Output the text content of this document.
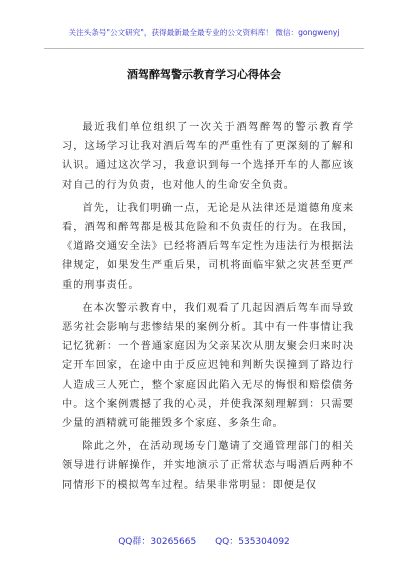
关注头条号"公文研究"，获得最新最全最专业的公文资料库！ 微信：gongwenyj
酒驾醉驾警示教育学习心得体会

最近我们单位组织了一次关于酒驾醉驾的警示教育学习，这场学习让我对酒后驾车的严重性有了更深刻的了解和认识。通过这次学习，我意识到每一个选择开车的人都应该对自己的行为负责，也对他人的生命安全负责。

首先，让我们明确一点，无论是从法律还是道德角度来看，酒驾和醉驾都是极其危险和不负责任的行为。在我国，《道路交通安全法》已经将酒后驾车定性为违法行为根据法律规定，如果发生严重后果，司机将面临牢狱之灾甚至更严重的刑事责任。

在本次警示教育中，我们观看了几起因酒后驾车而导致恶劣社会影响与悲惨结果的案例分析。其中有一件事情让我记忆犹新：一个普通家庭因为父亲某次从朋友聚会归来时决定开车回家，在途中由于反应迟钝和判断失误撞到了路边行人造成三人死亡，整个家庭因此陷入无尽的悔恨和赔偿债务中。这个案例震撼了我的心灵，并使我深刻理解到：只需要少量的酒精就可能摧毁多个家庭、多条生命。

除此之外，在活动现场专门邀请了交通管理部门的相关领导进行讲解操作，并实地演示了正常状态与喝酒后两种不同情形下的模拟驾车过程。结果非常明显：即便是仅

QQ群：30265665 QQ：535304092
